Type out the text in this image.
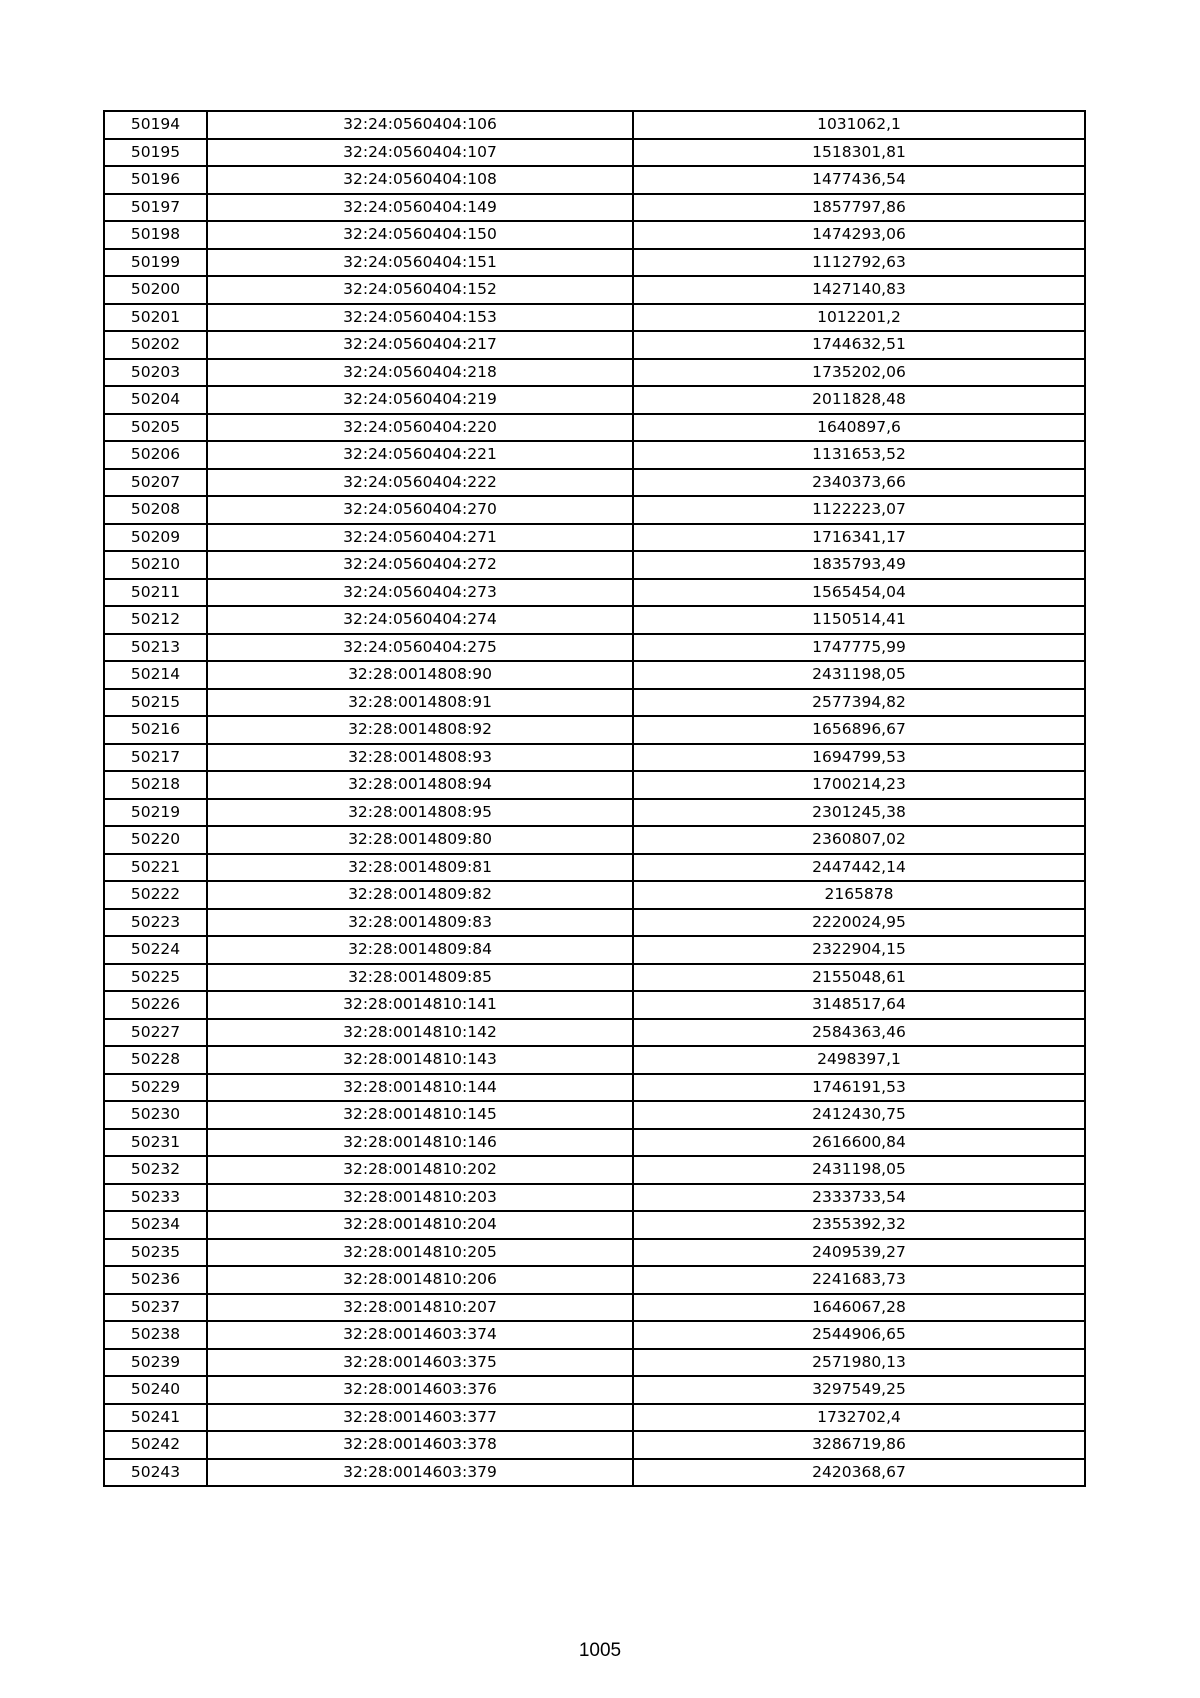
50194	32:24:0560404:106	1031062,1
50195	32:24:0560404:107	1518301,81
50196	32:24:0560404:108	1477436,54
50197	32:24:0560404:149	1857797,86
50198	32:24:0560404:150	1474293,06
50199	32:24:0560404:151	1112792,63
50200	32:24:0560404:152	1427140,83
50201	32:24:0560404:153	1012201,2
50202	32:24:0560404:217	1744632,51
50203	32:24:0560404:218	1735202,06
50204	32:24:0560404:219	2011828,48
50205	32:24:0560404:220	1640897,6
50206	32:24:0560404:221	1131653,52
50207	32:24:0560404:222	2340373,66
50208	32:24:0560404:270	1122223,07
50209	32:24:0560404:271	1716341,17
50210	32:24:0560404:272	1835793,49
50211	32:24:0560404:273	1565454,04
50212	32:24:0560404:274	1150514,41
50213	32:24:0560404:275	1747775,99
50214	32:28:0014808:90	2431198,05
50215	32:28:0014808:91	2577394,82
50216	32:28:0014808:92	1656896,67
50217	32:28:0014808:93	1694799,53
50218	32:28:0014808:94	1700214,23
50219	32:28:0014808:95	2301245,38
50220	32:28:0014809:80	2360807,02
50221	32:28:0014809:81	2447442,14
50222	32:28:0014809:82	2165878
50223	32:28:0014809:83	2220024,95
50224	32:28:0014809:84	2322904,15
50225	32:28:0014809:85	2155048,61
50226	32:28:0014810:141	3148517,64
50227	32:28:0014810:142	2584363,46
50228	32:28:0014810:143	2498397,1
50229	32:28:0014810:144	1746191,53
50230	32:28:0014810:145	2412430,75
50231	32:28:0014810:146	2616600,84
50232	32:28:0014810:202	2431198,05
50233	32:28:0014810:203	2333733,54
50234	32:28:0014810:204	2355392,32
50235	32:28:0014810:205	2409539,27
50236	32:28:0014810:206	2241683,73
50237	32:28:0014810:207	1646067,28
50238	32:28:0014603:374	2544906,65
50239	32:28:0014603:375	2571980,13
50240	32:28:0014603:376	3297549,25
50241	32:28:0014603:377	1732702,4
50242	32:28:0014603:378	3286719,86
50243	32:28:0014603:379	2420368,67
1005
